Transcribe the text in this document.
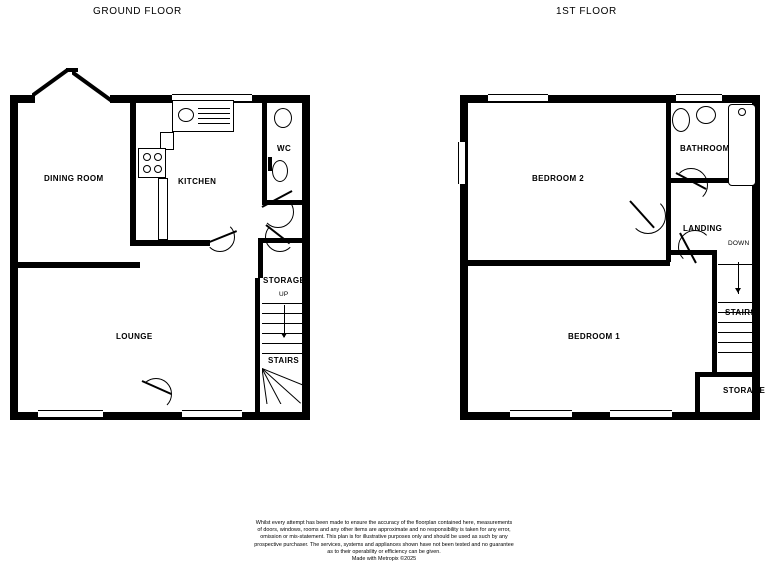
GROUND FLOOR	1ST FLOOR
DINING ROOM	KITCHEN
WC
LOUNGE
STORAGE
STAIRS
UP
BEDROOM 2
BEDROOM 1
BATHROOM
LANDING
STAIRS
STORAGE
DOWN
Whilst every attempt has been made to ensure the accuracy of the floorplan contained here, measurements
of doors, windows, rooms and any other items are approximate and no responsibility is taken for any error,
omission or mis-statement. This plan is for illustrative purposes only and should be used as such by any
prospective purchaser. The services, systems and appliances shown have not been tested and no guarantee
as to their operability or efficiency can be given.
Made with Metropix ©2025
